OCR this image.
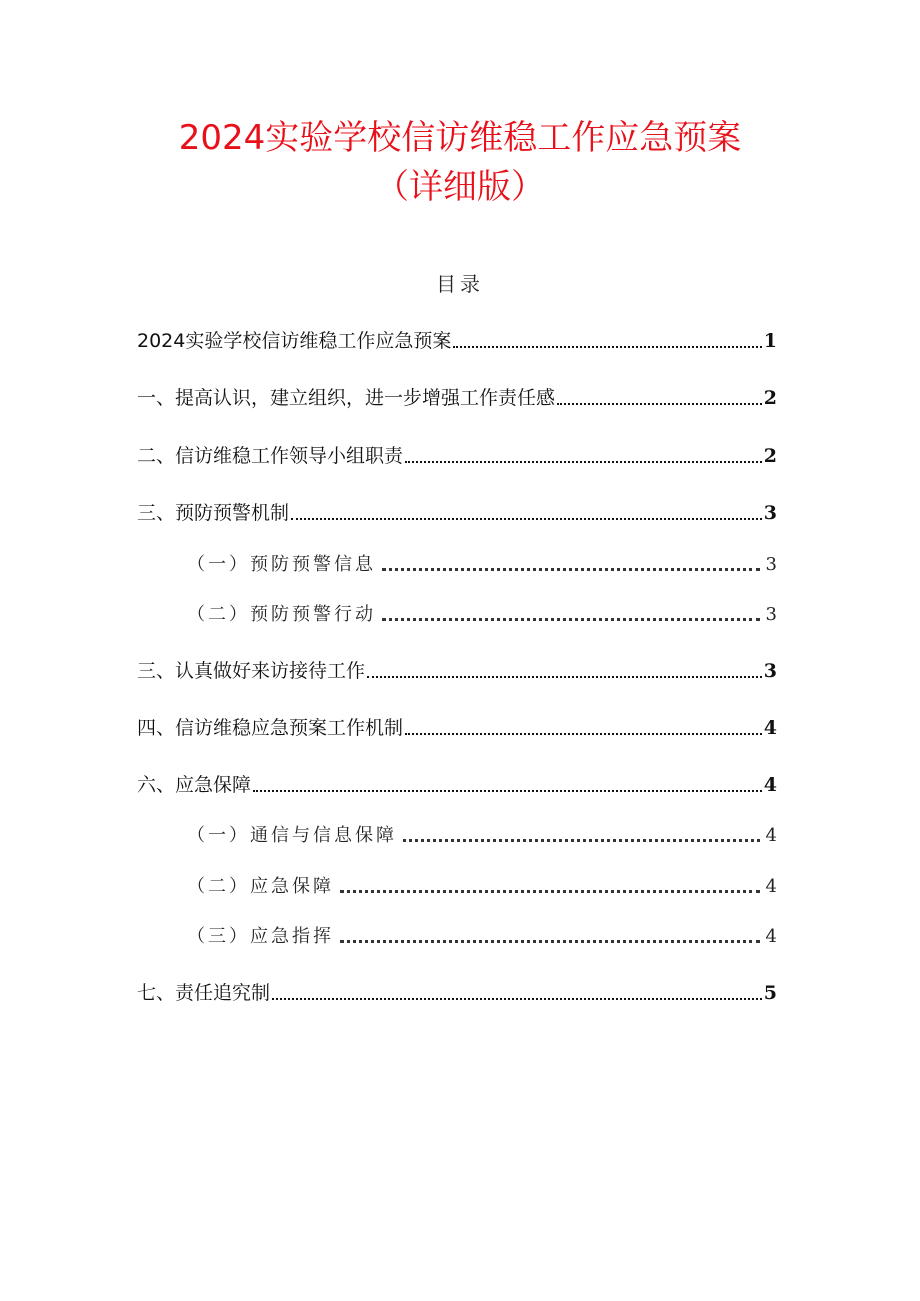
2024实验学校信访维稳工作应急预案
（详细版）
目录
2024实验学校信访维稳工作应急预案	1
一、提高认识，建立组织，进一步增强工作责任感	2
二、信访维稳工作领导小组职责	2
三、预防预警机制	3
（一）预防预警信息	3
（二）预防预警行动	3
三、认真做好来访接待工作	3
四、信访维稳应急预案工作机制	4
六、应急保障	4
（一）通信与信息保障	4
（二）应急保障	4
（三）应急指挥	4
七、责任追究制	5
